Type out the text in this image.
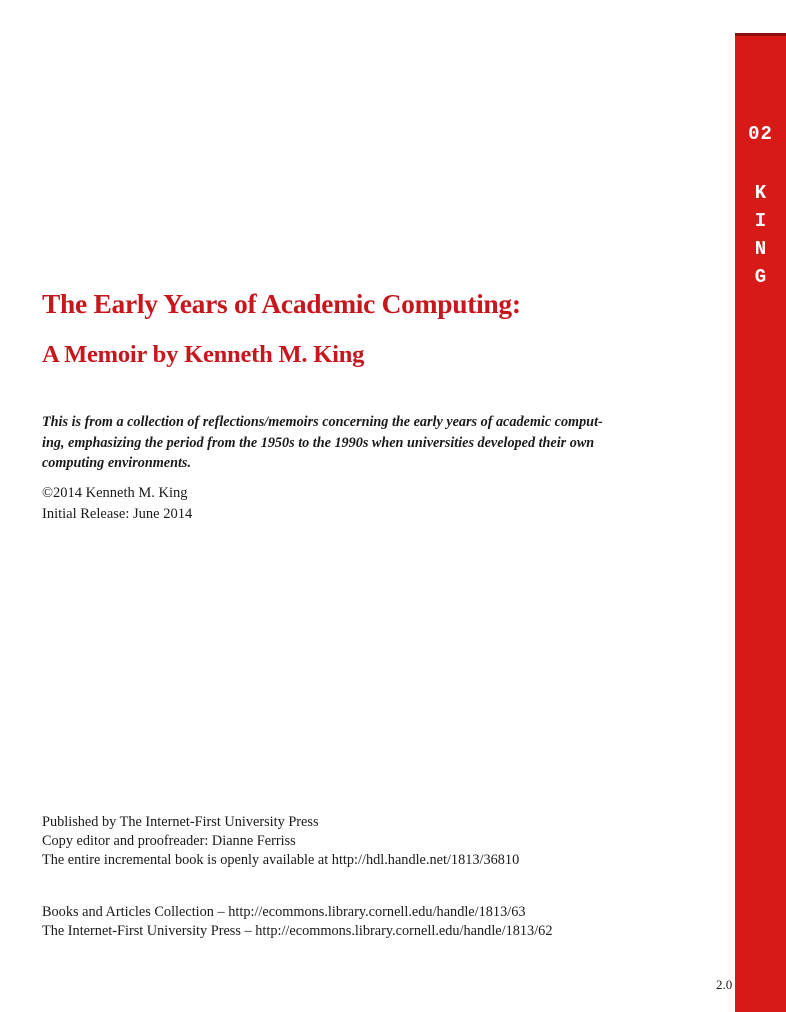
02
K
I
N
G
The Early Years of Academic Computing:
A Memoir by Kenneth M. King

This is from a collection of reflections/memoirs concerning the early years of academic comput-
ing, emphasizing the period from the 1950s to the 1990s when universities developed their own
computing environments.

©2014 Kenneth M. King

Initial Release: June 2014

Published by The Internet-First University Press

Copy editor and proofreader: Dianne Ferriss

The entire incremental book is openly available at http://hdl.handle.net/1813/36810

Books and Articles Collection – http://ecommons.library.cornell.edu/handle/1813/63

The Internet-First University Press – http://ecommons.library.cornell.edu/handle/1813/62

2.0
